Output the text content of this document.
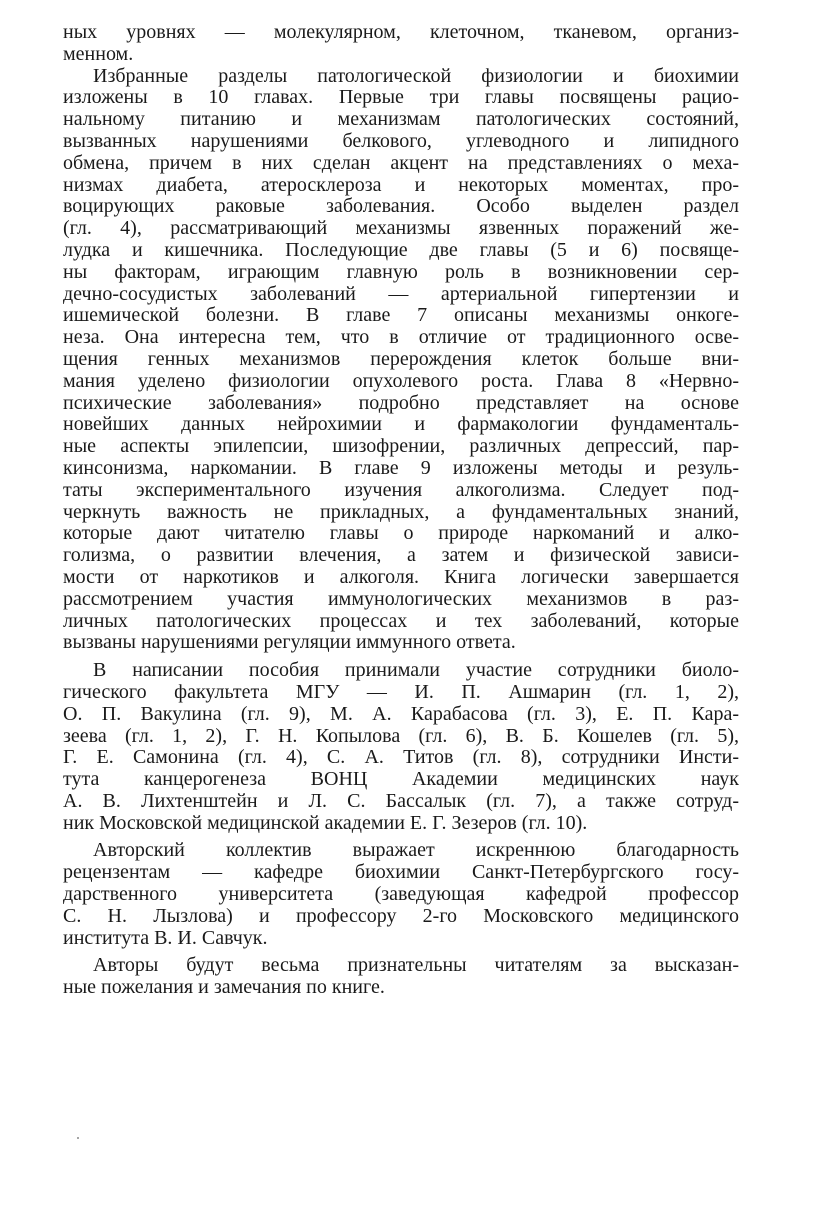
ных уровнях — молекулярном, клеточном, тканевом, организ-
менном.
Избранные разделы патологической физиологии и биохимии
изложены в 10 главах. Первые три главы посвящены рацио-
нальному питанию и механизмам патологических состояний,
вызванных нарушениями белкового, углеводного и липидного
обмена, причем в них сделан акцент на представлениях о меха-
низмах диабета, атеросклероза и некоторых моментах, про-
воцирующих раковые заболевания. Особо выделен раздел
(гл. 4), рассматривающий механизмы язвенных поражений же-
лудка и кишечника. Последующие две главы (5 и 6) посвяще-
ны факторам, играющим главную роль в возникновении сер-
дечно-сосудистых заболеваний — артериальной гипертензии и
ишемической болезни. В главе 7 описаны механизмы онкоге-
неза. Она интересна тем, что в отличие от традиционного осве-
щения генных механизмов перерождения клеток больше вни-
мания уделено физиологии опухолевого роста. Глава 8 «Нервно-
психические заболевания» подробно представляет на основе
новейших данных нейрохимии и фармакологии фундаменталь-
ные аспекты эпилепсии, шизофрении, различных депрессий, пар-
кинсонизма, наркомании. В главе 9 изложены методы и резуль-
таты экспериментального изучения алкоголизма. Следует под-
черкнуть важность не прикладных, а фундаментальных знаний,
которые дают читателю главы о природе наркоманий и алко-
голизма, о развитии влечения, а затем и физической зависи-
мости от наркотиков и алкоголя. Книга логически завершается
рассмотрением участия иммунологических механизмов в раз-
личных патологических процессах и тех заболеваний, которые
вызваны нарушениями регуляции иммунного ответа.
В написании пособия принимали участие сотрудники биоло-
гического факультета МГУ — И. П. Ашмарин (гл. 1, 2),
О. П. Вакулина (гл. 9), М. А. Карабасова (гл. 3), Е. П. Кара-
зеева (гл. 1, 2), Г. Н. Копылова (гл. 6), В. Б. Кошелев (гл. 5),
Г. Е. Самонина (гл. 4), С. А. Титов (гл. 8), сотрудники Инсти-
тута канцерогенеза ВОНЦ Академии медицинских наук
А. В. Лихтенштейн и Л. С. Бассалык (гл. 7), а также сотруд-
ник Московской медицинской академии Е. Г. Зезеров (гл. 10).
Авторский коллектив выражает искреннюю благодарность
рецензентам — кафедре биохимии Санкт-Петербургского госу-
дарственного университета (заведующая кафедрой профессор
С. Н. Лызлова) и профессору 2-го Московского медицинского
института В. И. Савчук.
Авторы будут весьма признательны читателям за высказан-
ные пожелания и замечания по книге.
